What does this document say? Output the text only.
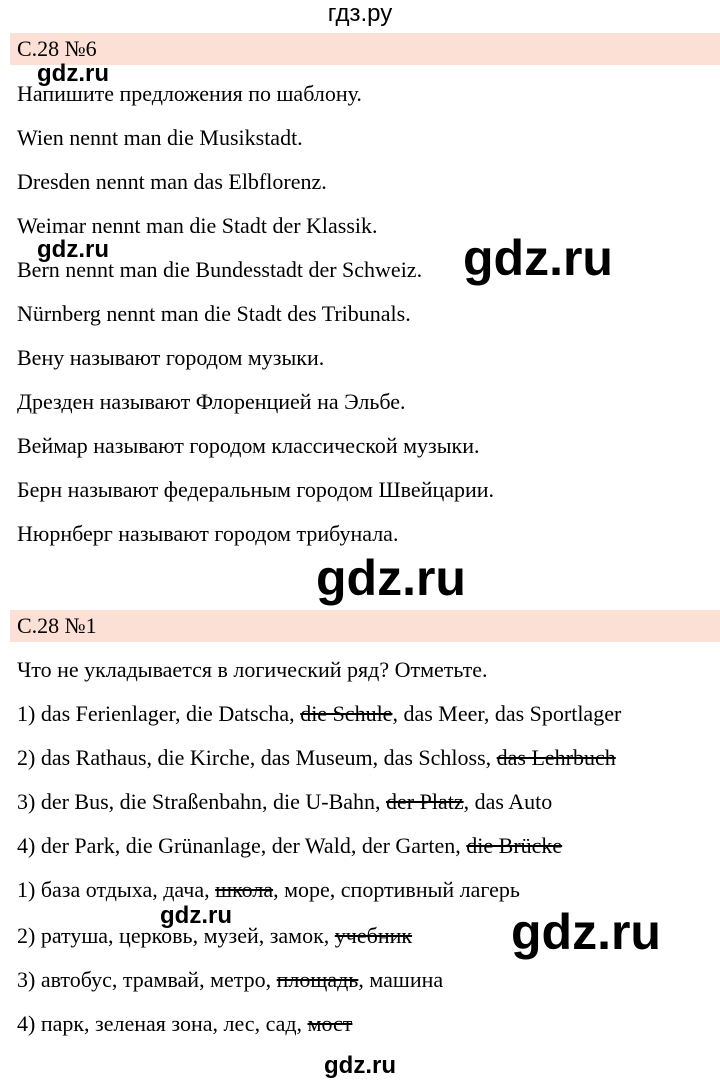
гдз.ру
С.28 №6
Напишите предложения по шаблону.
Wien nennt man die Musikstadt.
Dresden nennt man das Elbflorenz.
Weimar nennt man die Stadt der Klassik.
Bern nennt man die Bundesstadt der Schweiz.
Nürnberg nennt man die Stadt des Tribunals.
Вену называют городом музыки.
Дрезден называют Флоренцией на Эльбе.
Веймар называют городом классической музыки.
Берн называют федеральным городом Швейцарии.
Нюрнберг называют городом трибунала.
С.28 №1
Что не укладывается в логический ряд? Отметьте.
1) das Ferienlager, die Datscha, die Schule, das Meer, das Sportlager
2) das Rathaus, die Kirche, das Museum, das Schloss, das Lehrbuch
3) der Bus, die Straßenbahn, die U-Bahn, der Platz, das Auto
4) der Park, die Grünanlage, der Wald, der Garten, die Brücke
1) база отдыха, дача, школа, море, спортивный лагерь
2) ратуша, церковь, музей, замок, учебник
3) автобус, трамвай, метро, площадь, машина
4) парк, зеленая зона, лес, сад, мост
gdz.ru
gdz.ru	gdz.ru
gdz.ru
gdz.ru	gdz.ru
gdz.ru
